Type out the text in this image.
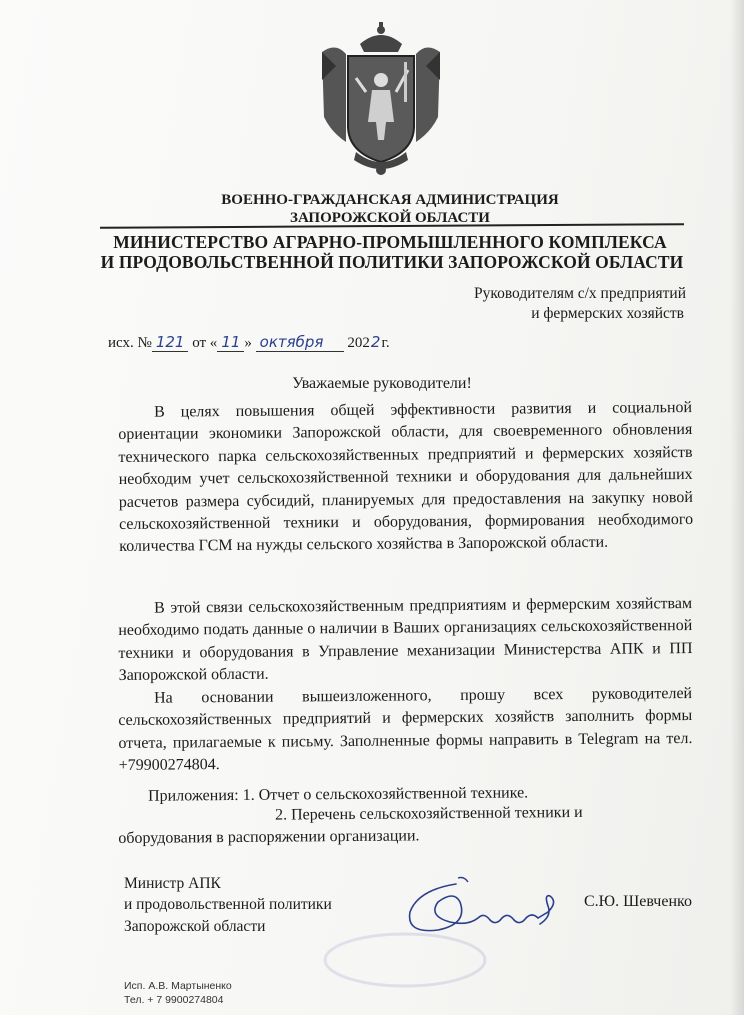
ВОЕННО-ГРАЖДАНСКАЯ АДМИНИСТРАЦИЯ
ЗАПОРОЖСКОЙ ОБЛАСТИ
МИНИСТЕРСТВО АГРАРНО-ПРОМЫШЛЕННОГО КОМПЛЕКСА
И ПРОДОВОЛЬСТВЕННОЙ ПОЛИТИКИ ЗАПОРОЖСКОЙ ОБЛАСТИ
Руководителям с/х предприятий
и фермерских хозяйств
исх. № 121 от « 11 » октября 2022г.
Уважаемые руководители!

В целях повышения общей эффективности развития и социальной ориентации экономики Запорожской области, для своевременного обновления технического парка сельскохозяйственных предприятий и фермерских хозяйств необходим учет сельскохозяйственной техники и оборудования для дальнейших расчетов размера субсидий, планируемых для предоставления на закупку новой сельскохозяйственной техники и оборудования, формирования необходимого количества ГСМ на нужды сельского хозяйства в Запорожской области.

В этой связи сельскохозяйственным предприятиям и фермерским хозяйствам необходимо подать данные о наличии в Ваших организациях сельскохозяйственной техники и оборудования в Управление механизации Министерства АПК и ПП Запорожской области.

На основании вышеизложенного, прошу всех руководителей сельскохозяйственных предприятий и фермерских хозяйств заполнить формы отчета, прилагаемые к письму. Заполненные формы направить в Telegram на тел. +79900274804.

Приложения: 1. Отчет о сельскохозяйственной технике.
2. Перечень сельскохозяйственной техники и
оборудования в распоряжении организации.
Министр АПК
и продовольственной политики
Запорожской области
С.Ю. Шевченко
Исп. А.В. Мартыненко
Тел. + 7 9900274804
